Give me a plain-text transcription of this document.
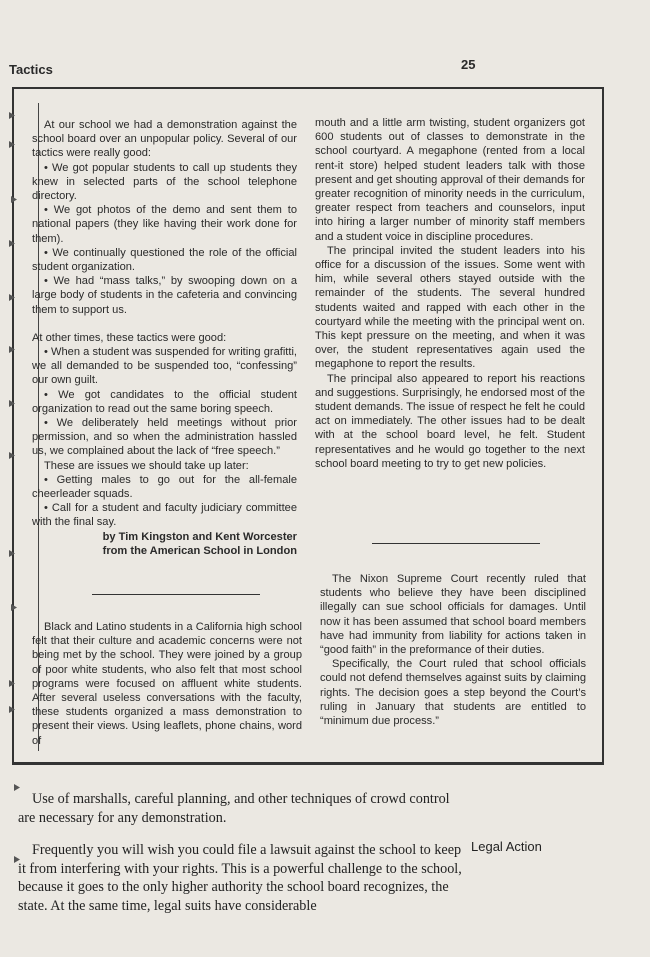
Tactics	25

At our school we had a demonstration against the school board over an unpopular policy. Several of our tactics were really good:

• We got popular students to call up students they knew in selected parts of the school telephone directory.

• We got photos of the demo and sent them to national papers (they like having their work done for them).

• We continually questioned the role of the official student organization.

• We had “mass talks,” by swooping down on a large body of students in the cafeteria and convincing them to support us.

At other times, these tactics were good:

• When a student was suspended for writing grafitti, we all demanded to be suspended too, “confessing” our own guilt.

• We got candidates to the official student organization to read out the same boring speech.

• We deliberately held meetings without prior permission, and so when the administration hassled us, we complained about the lack of “free speech.”

These are issues we should take up later:

• Getting males to go out for the all-female cheerleader squads.

• Call for a student and faculty judiciary committee with the final say.

by Tim Kingston and Kent Worcester

from the American School in London

Black and Latino students in a California high school felt that their culture and academic concerns were not being met by the school. They were joined by a group of poor white students, who also felt that most school programs were focused on affluent white students. After several useless conversations with the faculty, these students organized a mass demonstration to present their views. Using leaflets, phone chains, word of

mouth and a little arm twisting, student organizers got 600 students out of classes to demonstrate in the school courtyard. A megaphone (rented from a local rent-it store) helped student leaders talk with those present and get shouting approval of their demands for greater recognition of minority needs in the curriculum, greater respect from teachers and counselors, input into hiring a larger number of minority staff members and a student voice in discipline procedures.

The principal invited the student leaders into his office for a discussion of the issues. Some went with him, while several others stayed outside with the remainder of the students. The several hundred students waited and rapped with each other in the courtyard while the meeting with the principal went on. This kept pressure on the meeting, and when it was over, the student representatives again used the megaphone to report the results.

The principal also appeared to report his reactions and suggestions. Surprisingly, he endorsed most of the student demands. The issue of respect he felt he could act on immediately. The other issues had to be dealt with at the school board level, he felt. Student representatives and he would go together to the next school board meeting to try to get new policies.

The Nixon Supreme Court recently ruled that students who believe they have been disciplined illegally can sue school officials for damages. Until now it has been assumed that school board members have had immunity from liability for actions taken in “good faith” in the preformance of their duties.

Specifically, the Court ruled that school officials could not defend themselves against suits by claiming rights. The decision goes a step beyond the Court’s ruling in January that students are entitled to “minimum due process.”

Use of marshalls, careful planning, and other techniques of crowd control are necessary for any demonstration.

Frequently you will wish you could file a lawsuit against the school to keep it from interfering with your rights. This is a powerful challenge to the school, because it goes to the only higher authority the school board recognizes, the state. At the same time, legal suits have considerable

Legal Action
